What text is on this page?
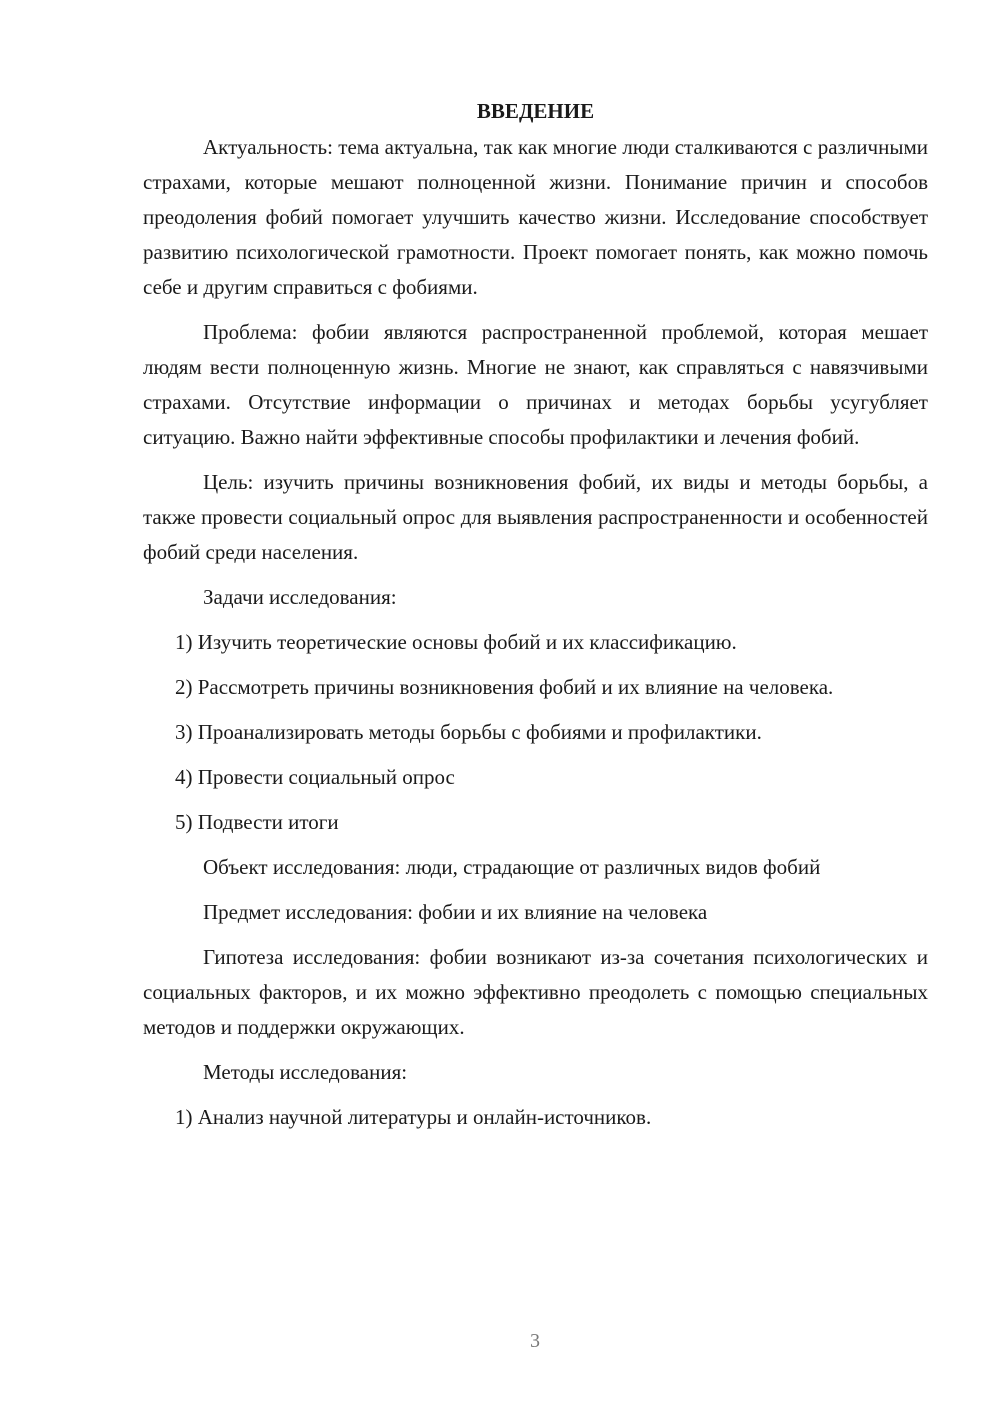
ВВЕДЕНИЕ

Актуальность: тема актуальна, так как многие люди сталкиваются с различными страхами, которые мешают полноценной жизни. Понимание причин и способов преодоления фобий помогает улучшить качество жизни. Исследование способствует развитию психологической грамотности. Проект помогает понять, как можно помочь себе и другим справиться с фобиями.

Проблема: фобии являются распространенной проблемой, которая мешает людям вести полноценную жизнь. Многие не знают, как справляться с навязчивыми страхами. Отсутствие информации о причинах и методах борьбы усугубляет ситуацию. Важно найти эффективные способы профилактики и лечения фобий.

Цель: изучить причины возникновения фобий, их виды и методы борьбы, а также провести социальный опрос для выявления распространенности и особенностей фобий среди населения.

Задачи исследования:

1) Изучить теоретические основы фобий и их классификацию.

2) Рассмотреть причины возникновения фобий и их влияние на человека.

3) Проанализировать методы борьбы с фобиями и профилактики.

4) Провести социальный опрос

5) Подвести итоги

Объект исследования: люди, страдающие от различных видов фобий

Предмет исследования: фобии и их влияние на человека

Гипотеза исследования: фобии возникают из-за сочетания психологических и социальных факторов, и их можно эффективно преодолеть с помощью специальных методов и поддержки окружающих.

Методы исследования:

1) Анализ научной литературы и онлайн-источников.

3
